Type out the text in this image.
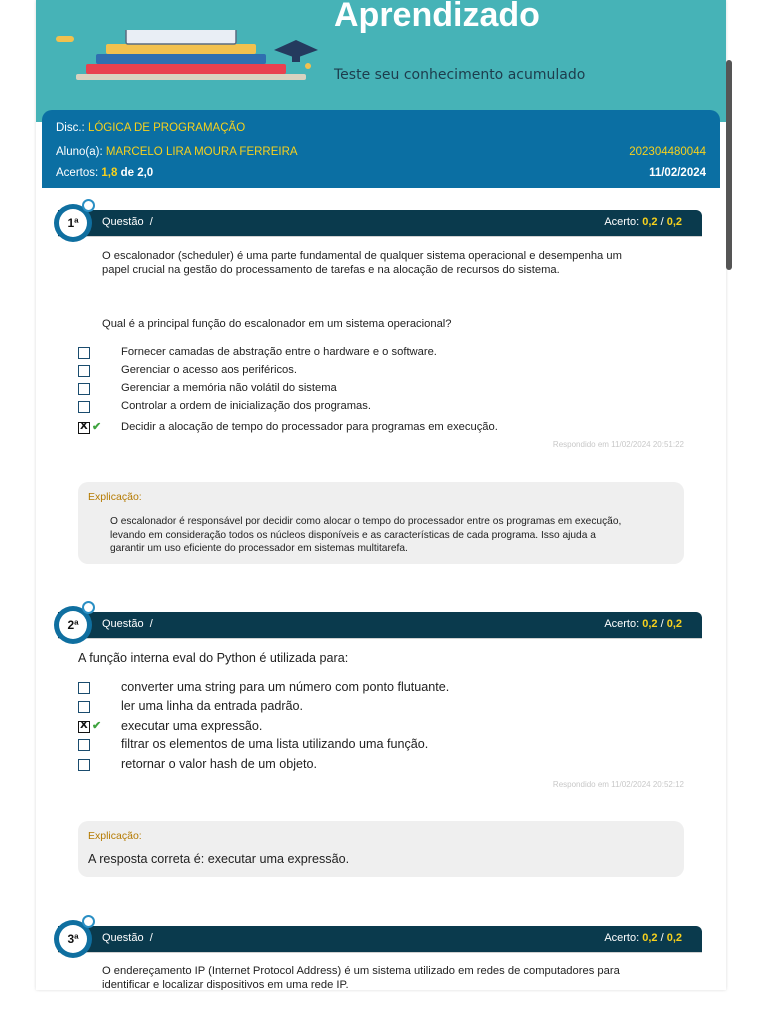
Aprendizado
Teste seu conhecimento acumulado
Disc.: LÓGICA DE PROGRAMAÇÃO
Aluno(a): MARCELO LIRA MOURA FERREIRA	202304480044
Acertos: 1,8 de 2,0	11/02/2024
Questão /	Acerto: 0,2 / 0,2
1ª
O escalonador (scheduler) é uma parte fundamental de qualquer sistema operacional e desempenha um
papel crucial na gestão do processamento de tarefas e na alocação de recursos do sistema.
Qual é a principal função do escalonador em um sistema operacional?
Fornecer camadas de abstração entre o hardware e o software.
Gerenciar o acesso aos periféricos.
Gerenciar a memória não volátil do sistema
Controlar a ordem de inicialização dos programas.
X
✔ Decidir a alocação de tempo do processador para programas em execução.
Respondido em 11/02/2024 20:51:22
Explicação:
O escalonador é responsável por decidir como alocar o tempo do processador entre os programas em execução,
levando em consideração todos os núcleos disponíveis e as características de cada programa. Isso ajuda a
garantir um uso eficiente do processador em sistemas multitarefa.
Questão /	Acerto: 0,2 / 0,2
2ª
A função interna eval do Python é utilizada para:
converter uma string para um número com ponto flutuante.
ler uma linha da entrada padrão.
X
✔ executar uma expressão.
filtrar os elementos de uma lista utilizando uma função.
retornar o valor hash de um objeto.
Respondido em 11/02/2024 20:52:12
Explicação:
A resposta correta é: executar uma expressão.
Questão /	Acerto: 0,2 / 0,2
3ª
O endereçamento IP (Internet Protocol Address) é um sistema utilizado em redes de computadores para
identificar e localizar dispositivos em uma rede IP.
